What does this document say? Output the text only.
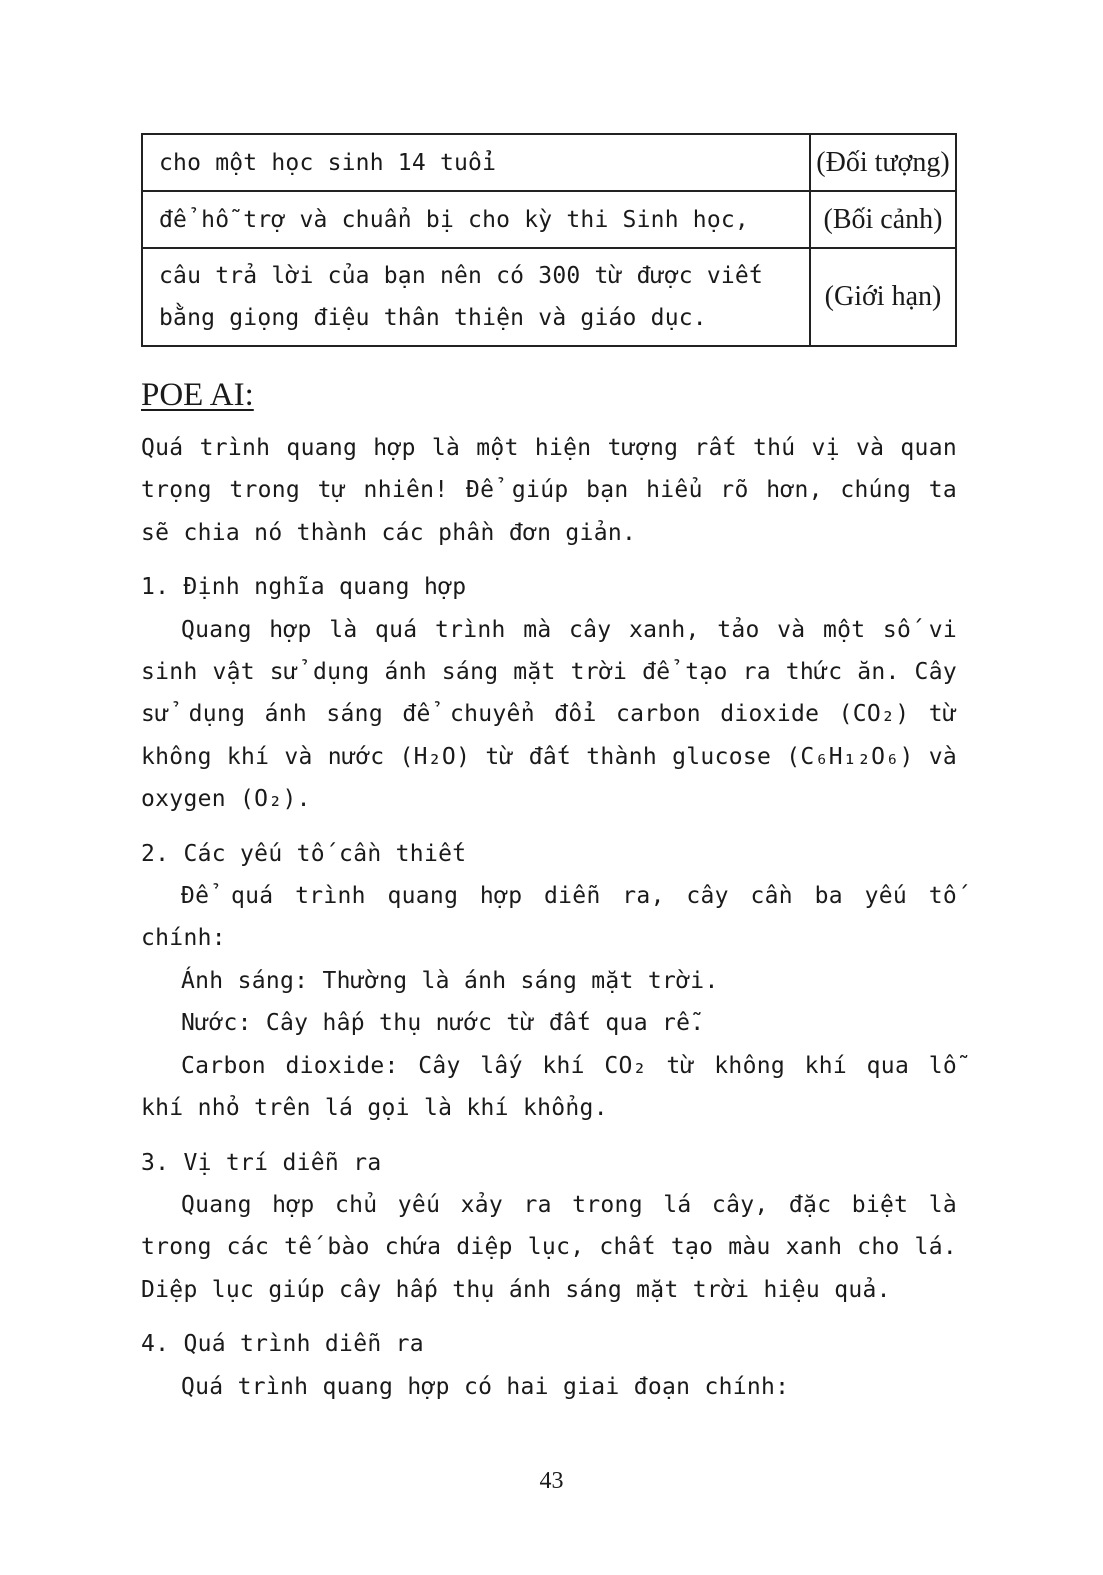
cho một học sinh 14 tuổi	(Đối tượng)
để hỗ trợ và chuẩn bị cho kỳ thi Sinh học,	(Bối cảnh)
câu trả lời của bạn nên có 300 từ được viết bằng giọng điệu thân thiện và giáo dục.	(Giới hạn)
POE AI:

Quá trình quang hợp là một hiện tượng rất thú vị và quan trọng trong tự nhiên! Để giúp bạn hiểu rõ hơn, chúng ta sẽ chia nó thành các phần đơn giản.

1. Định nghĩa quang hợp

Quang hợp là quá trình mà cây xanh, tảo và một số vi sinh vật sử dụng ánh sáng mặt trời để tạo ra thức ăn. Cây sử dụng ánh sáng để chuyển đổi carbon dioxide (CO₂) từ không khí và nước (H₂O) từ đất thành glucose (C₆H₁₂O₆) và oxygen (O₂).

2. Các yếu tố cần thiết

Để quá trình quang hợp diễn ra, cây cần ba yếu tố chính:

Ánh sáng: Thường là ánh sáng mặt trời.

Nước: Cây hấp thụ nước từ đất qua rễ.

Carbon dioxide: Cây lấy khí CO₂ từ không khí qua lỗ khí nhỏ trên lá gọi là khí khổng.

3. Vị trí diễn ra

Quang hợp chủ yếu xảy ra trong lá cây, đặc biệt là trong các tế bào chứa diệp lục, chất tạo màu xanh cho lá. Diệp lục giúp cây hấp thụ ánh sáng mặt trời hiệu quả.

4. Quá trình diễn ra

Quá trình quang hợp có hai giai đoạn chính:

43
